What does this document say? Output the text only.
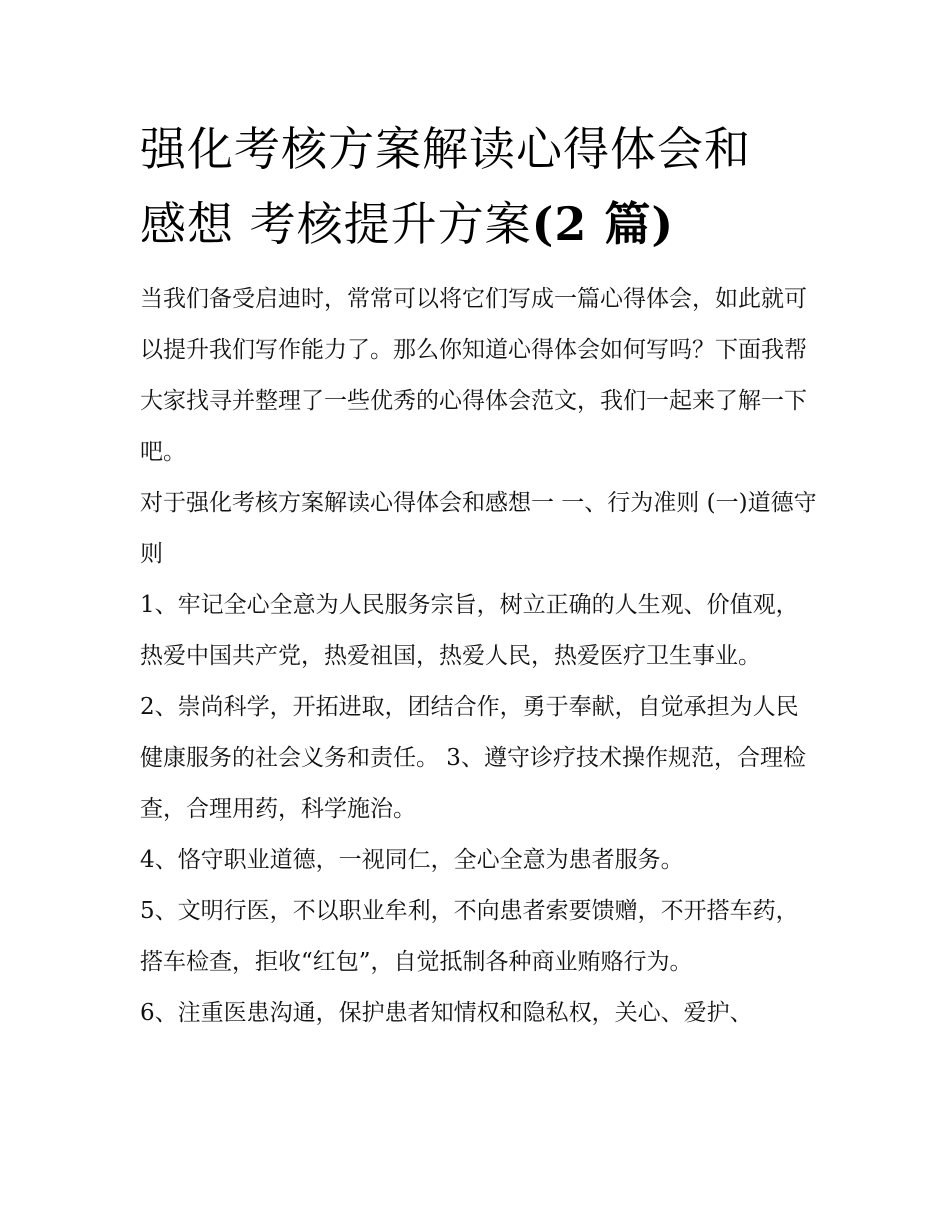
强化考核方案解读心得体会和
感想 考核提升方案(2 篇)

当我们备受启迪时，常常可以将它们写成一篇心得体会，如此就可以提升我们写作能力了。那么你知道心得体会如何写吗？下面我帮大家找寻并整理了一些优秀的心得体会范文，我们一起来了解一下吧。

对于强化考核方案解读心得体会和感想一 一、行为准则 (一)道德守则

1、牢记全心全意为人民服务宗旨，树立正确的人生观、价值观，热爱中国共产党，热爱祖国，热爱人民，热爱医疗卫生事业。

2、崇尚科学，开拓进取，团结合作，勇于奉献，自觉承担为人民健康服务的社会义务和责任。 3、遵守诊疗技术操作规范，合理检查，合理用药，科学施治。

4、恪守职业道德，一视同仁，全心全意为患者服务。

5、文明行医，不以职业牟利，不向患者索要馈赠，不开搭车药，搭车检查，拒收“红包”，自觉抵制各种商业贿赂行为。

6、注重医患沟通，保护患者知情权和隐私权，关心、爱护、
